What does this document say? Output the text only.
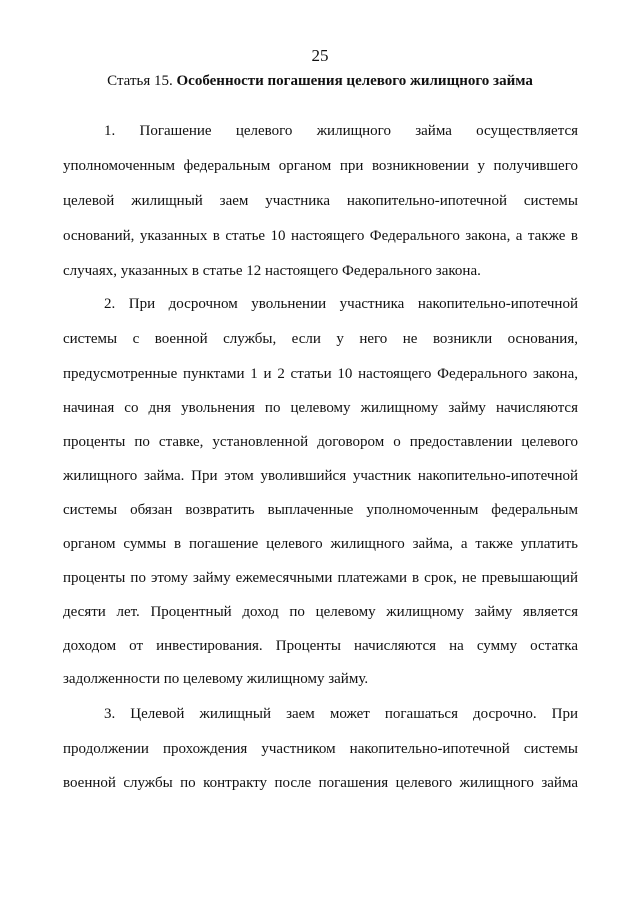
25
Статья 15. Особенности погашения целевого жилищного займа
1. Погашение целевого жилищного займа осуществляется
уполномоченным федеральным органом при возникновении у получившего
целевой жилищный заем участника накопительно-ипотечной системы
оснований, указанных в статье 10 настоящего Федерального закона, а также в
случаях, указанных в статье 12 настоящего Федерального закона.
2. При досрочном увольнении участника накопительно-ипотечной
системы с военной службы, если у него не возникли основания,
предусмотренные пунктами 1 и 2 статьи 10 настоящего Федерального закона,
начиная со дня увольнения по целевому жилищному займу начисляются
проценты по ставке, установленной договором о предоставлении целевого
жилищного займа. При этом уволившийся участник накопительно-ипотечной
системы обязан возвратить выплаченные уполномоченным федеральным
органом суммы в погашение целевого жилищного займа, а также уплатить
проценты по этому займу ежемесячными платежами в срок, не превышающий
десяти лет. Процентный доход по целевому жилищному займу является
доходом от инвестирования. Проценты начисляются на сумму остатка
задолженности по целевому жилищному займу.
3. Целевой жилищный заем может погашаться досрочно. При
продолжении прохождения участником накопительно-ипотечной системы
военной службы по контракту после погашения целевого жилищного займа
